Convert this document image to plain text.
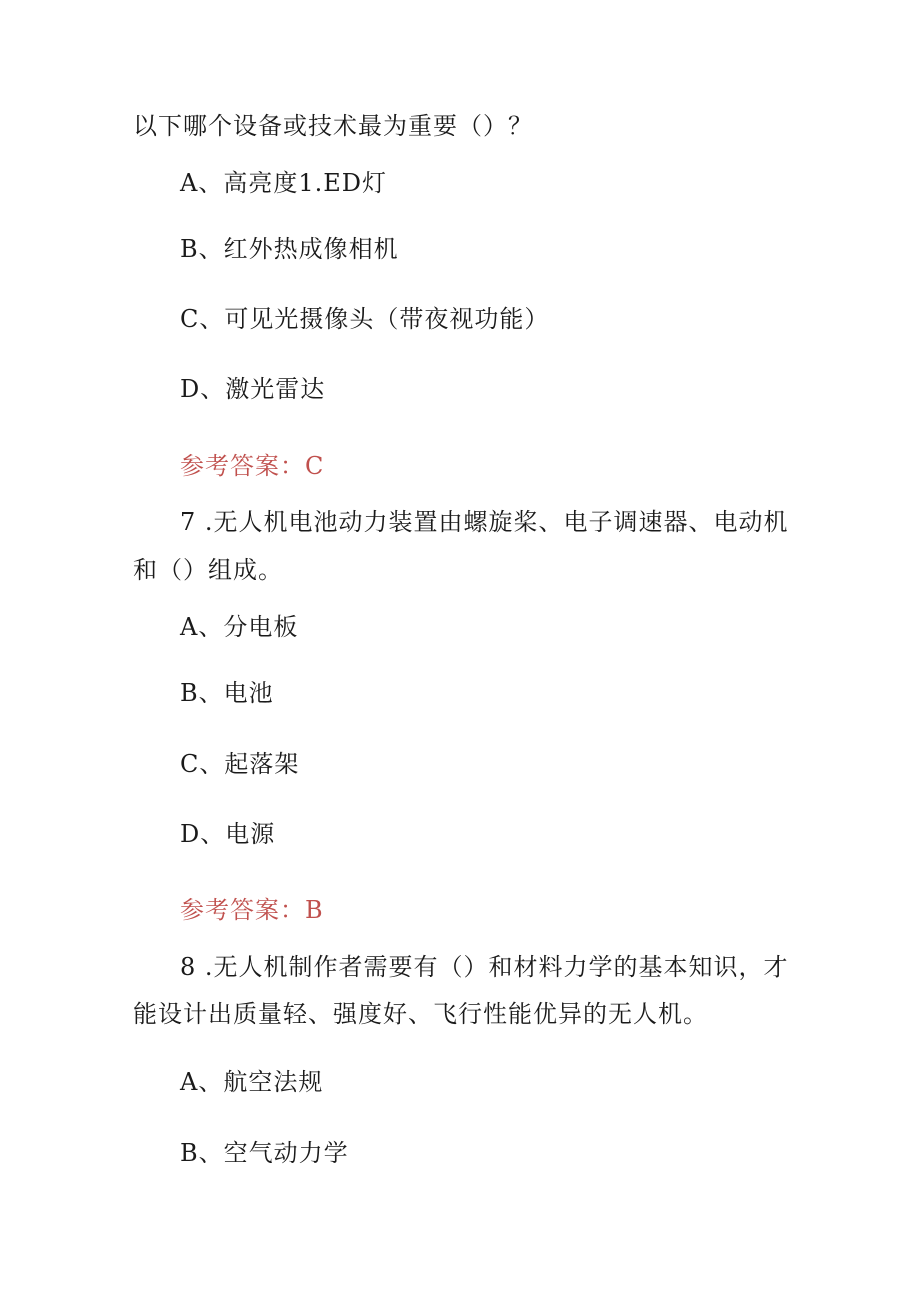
以下哪个设备或技术最为重要（）？
A、高亮度1.ED灯
B、红外热成像相机
C、可见光摄像头（带夜视功能）
D、激光雷达
参考答案：C
7 .无人机电池动力装置由螺旋桨、电子调速器、电动机
和（）组成。
A、分电板
B、电池
C、起落架
D、电源
参考答案：B
8 .无人机制作者需要有（）和材料力学的基本知识，才
能设计出质量轻、强度好、飞行性能优异的无人机。
A、航空法规
B、空气动力学
